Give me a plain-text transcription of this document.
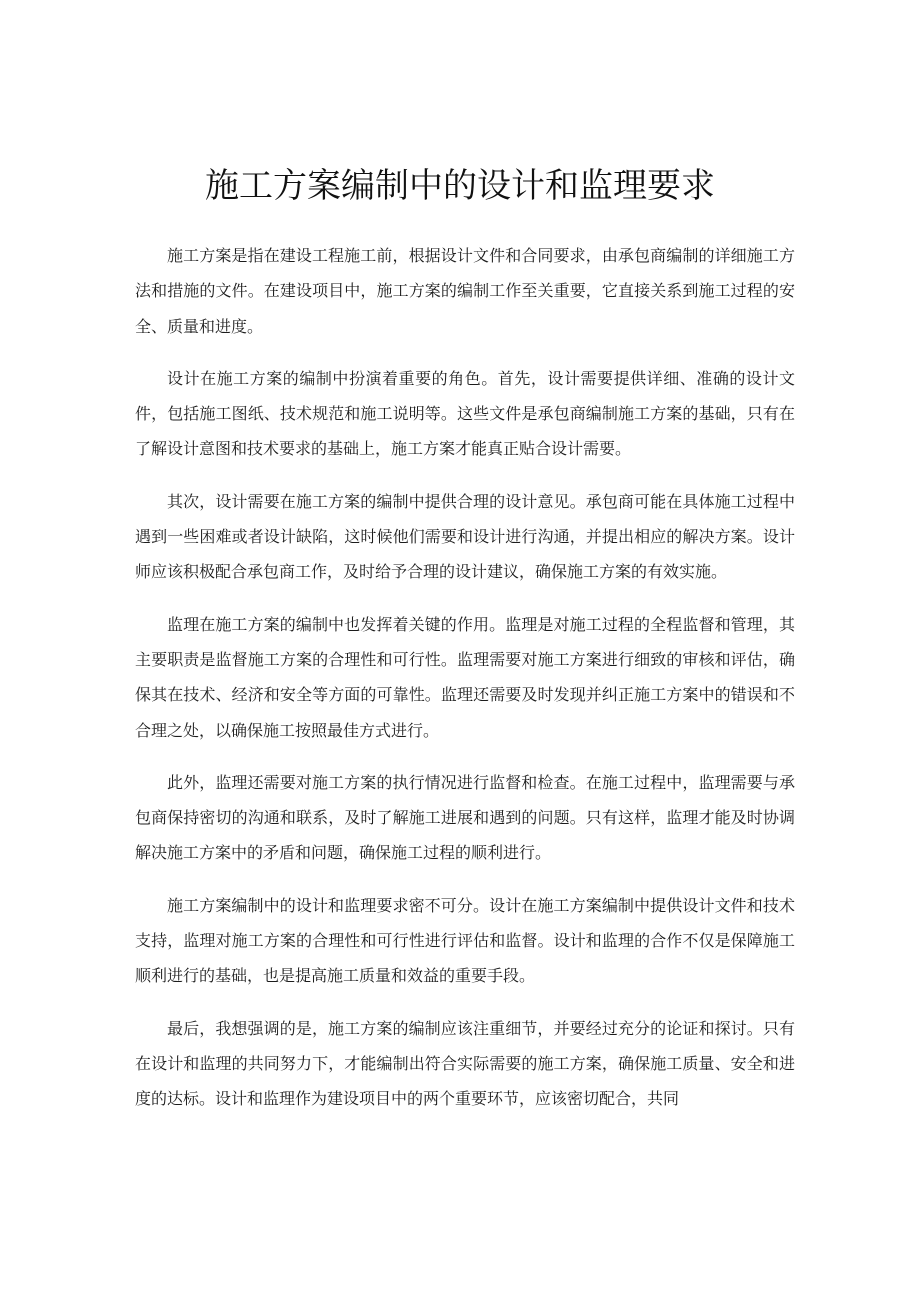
施工方案编制中的设计和监理要求

施工方案是指在建设工程施工前，根据设计文件和合同要求，由承包商编制的详细施工方法和措施的文件。在建设项目中，施工方案的编制工作至关重要，它直接关系到施工过程的安全、质量和进度。

设计在施工方案的编制中扮演着重要的角色。首先，设计需要提供详细、准确的设计文件，包括施工图纸、技术规范和施工说明等。这些文件是承包商编制施工方案的基础，只有在了解设计意图和技术要求的基础上，施工方案才能真正贴合设计需要。

其次，设计需要在施工方案的编制中提供合理的设计意见。承包商可能在具体施工过程中遇到一些困难或者设计缺陷，这时候他们需要和设计进行沟通，并提出相应的解决方案。设计师应该积极配合承包商工作，及时给予合理的设计建议，确保施工方案的有效实施。

监理在施工方案的编制中也发挥着关键的作用。监理是对施工过程的全程监督和管理，其主要职责是监督施工方案的合理性和可行性。监理需要对施工方案进行细致的审核和评估，确保其在技术、经济和安全等方面的可靠性。监理还需要及时发现并纠正施工方案中的错误和不合理之处，以确保施工按照最佳方式进行。

此外，监理还需要对施工方案的执行情况进行监督和检查。在施工过程中，监理需要与承包商保持密切的沟通和联系，及时了解施工进展和遇到的问题。只有这样，监理才能及时协调解决施工方案中的矛盾和问题，确保施工过程的顺利进行。

施工方案编制中的设计和监理要求密不可分。设计在施工方案编制中提供设计文件和技术支持，监理对施工方案的合理性和可行性进行评估和监督。设计和监理的合作不仅是保障施工顺利进行的基础，也是提高施工质量和效益的重要手段。

最后，我想强调的是，施工方案的编制应该注重细节，并要经过充分的论证和探讨。只有在设计和监理的共同努力下，才能编制出符合实际需要的施工方案，确保施工质量、安全和进度的达标。设计和监理作为建设项目中的两个重要环节，应该密切配合，共同
